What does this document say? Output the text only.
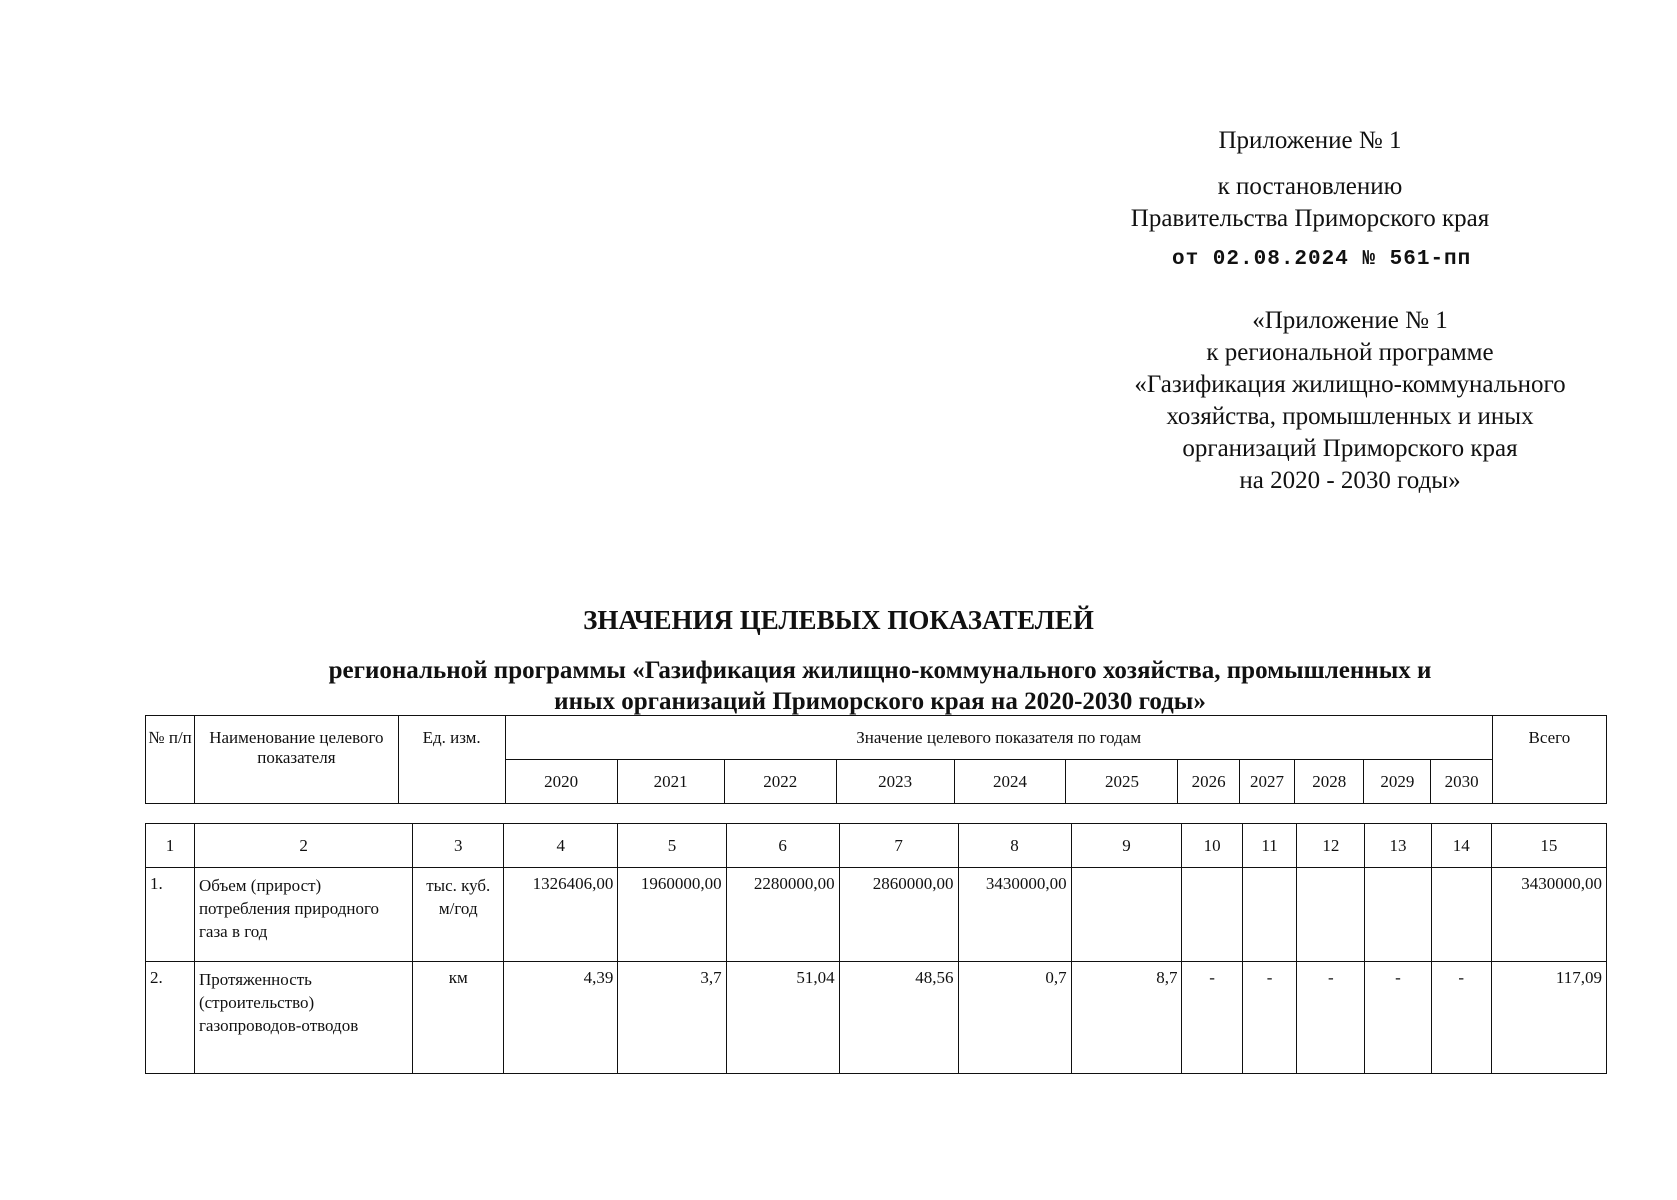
Приложение № 1
к постановлению
Правительства Приморского края
от 02.08.2024 № 561-пп
«Приложение № 1
к региональной программе
«Газификация жилищно-коммунального
хозяйства, промышленных и иных
организаций Приморского края
на 2020 - 2030 годы»
ЗНАЧЕНИЯ ЦЕЛЕВЫХ ПОКАЗАТЕЛЕЙ
региональной программы «Газификация жилищно-коммунального хозяйства, промышленных и
иных организаций Приморского края на 2020-2030 годы»
№ п/п	Наименование целевого показателя	Ед. изм.	Значение целевого показателя по годам											Всего
			2020	2021	2022	2023	2024	2025	2026	2027	2028	2029	2030	
1	2	3	4	5	6	7	8	9	10	11	12	13	14	15
1.	Объем (прирост) потребления природного газа в год	тыс. куб. м/год	1326406,00	1960000,00	2280000,00	2860000,00	3430000,00							3430000,00
2.	Протяженность (строительство) газопроводов-отводов	км	4,39	3,7	51,04	48,56	0,7	8,7	-	-	-	-	-	117,09
